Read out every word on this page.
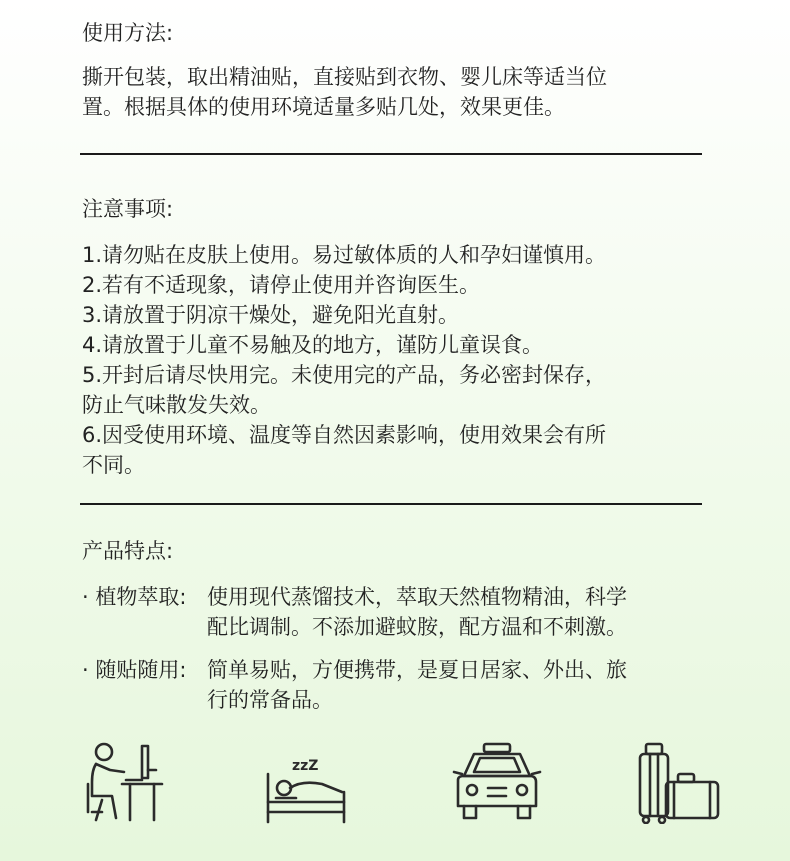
使用方法:
撕开包装，取出精油贴，直接贴到衣物、婴儿床等适当位
置。根据具体的使用环境适量多贴几处，效果更佳。
注意事项:
1.请勿贴在皮肤上使用。易过敏体质的人和孕妇谨慎用。
2.若有不适现象，请停止使用并咨询医生。
3.请放置于阴凉干燥处，避免阳光直射。
4.请放置于儿童不易触及的地方，谨防儿童误食。
5.开封后请尽快用完。未使用完的产品，务必密封保存，
防止气味散发失效。
6.因受使用环境、温度等自然因素影响，使用效果会有所
不同。
产品特点:
· 植物萃取: 使用现代蒸馏技术，萃取天然植物精油，科学
配比调制。不添加避蚊胺，配方温和不刺激。
· 随贴随用: 简单易贴，方便携带，是夏日居家、外出、旅
行的常备品。
zzZ
